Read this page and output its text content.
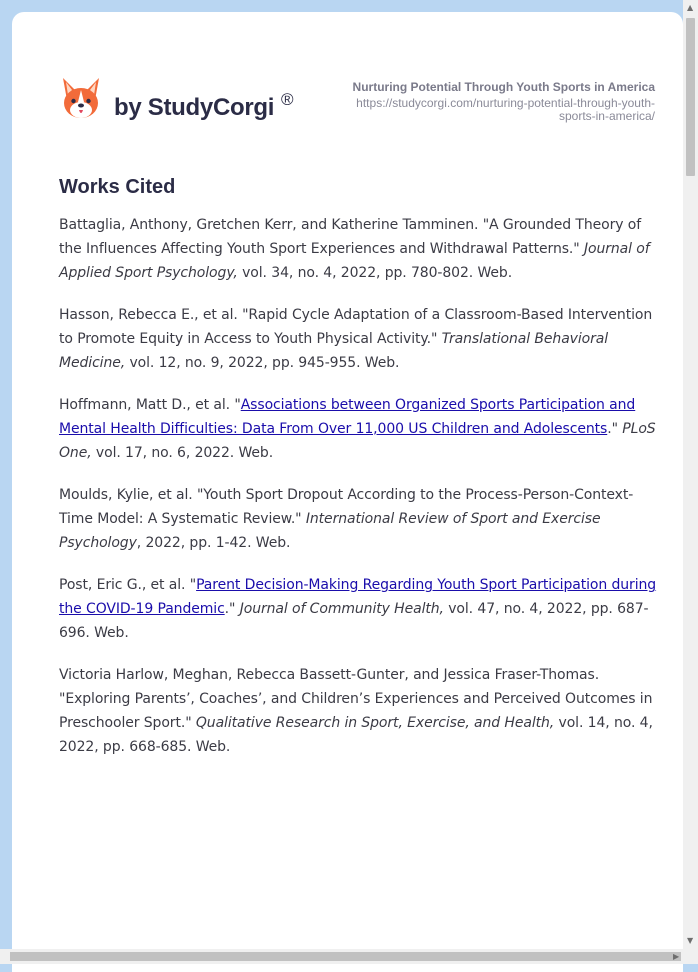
by StudyCorgi ®
Nurturing Potential Through Youth Sports in America
https://studycorgi.com/nurturing-potential-through-youth-
sports-in-america/
Works Cited

Battaglia, Anthony, Gretchen Kerr, and Katherine Tamminen. "A Grounded Theory of the Influences Affecting Youth Sport Experiences and Withdrawal Patterns." Journal of Applied Sport Psychology, vol. 34, no. 4, 2022, pp. 780-802. Web.

Hasson, Rebecca E., et al. "Rapid Cycle Adaptation of a Classroom-Based Intervention to Promote Equity in Access to Youth Physical Activity." Translational Behavioral Medicine, vol. 12, no. 9, 2022, pp. 945-955. Web.

Hoffmann, Matt D., et al. "Associations between Organized Sports Participation and Mental Health Difficulties: Data From Over 11,000 US Children and Adolescents." PLoS One, vol. 17, no. 6, 2022. Web.

Moulds, Kylie, et al. "Youth Sport Dropout According to the Process-Person-Context-Time Model: A Systematic Review." International Review of Sport and Exercise Psychology, 2022, pp. 1-42. Web.

Post, Eric G., et al. "Parent Decision-Making Regarding Youth Sport Participation during the COVID-19 Pandemic." Journal of Community Health, vol. 47, no. 4, 2022, pp. 687-696. Web.

Victoria Harlow, Meghan, Rebecca Bassett-Gunter, and Jessica Fraser-Thomas. "Exploring Parents’, Coaches’, and Children’s Experiences and Perceived Outcomes in Preschooler Sport." Qualitative Research in Sport, Exercise, and Health, vol. 14, no. 4, 2022, pp. 668-685. Web.

▲
▼
▶
